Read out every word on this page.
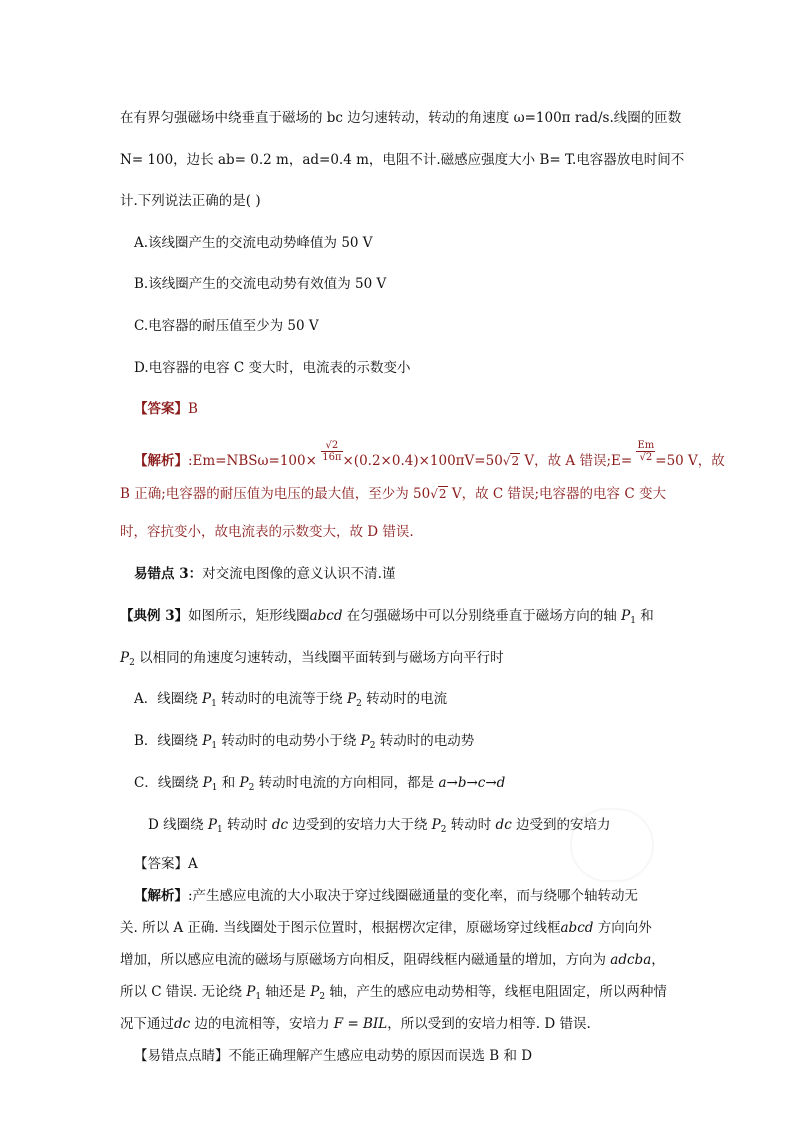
在有界匀强磁场中绕垂直于磁场的 bc 边匀速转动，转动的角速度 ω=100π rad/s.线圈的匝数
N= 100，边长 ab= 0.2 m，ad=0.4 m，电阻不计.磁感应强度大小 B= T.电容器放电时间不
计.下列说法正确的是( )
A.该线圈产生的交流电动势峰值为 50 V
B.该线圈产生的交流电动势有效值为 50 V
C.电容器的耐压值至少为 50 V
D.电容器的电容 C 变大时，电流表的示数变小
【答案】B
【解析】:Em=NBSω=100× $\frac{√2}{16\pi} \times(0.2\times 0.4)\times 100\pi V=50√2$ V，故 A 错误;E= $\frac{Em}{√2} =50$ V，故
B 正确;电容器的耐压值为电压的最大值，至少为 50√2 V，故 C 错误;电容器的电容 C 变大
时，容抗变小，故电流表的示数变大，故 D 错误.
易错点 3：对交流电图像的意义认识不清.谨
【典例 3】如图所示，矩形线圈abcd 在匀强磁场中可以分别绕垂直于磁场方向的轴 $P_1$ 和
$P_2$ 以相同的角速度匀速转动，当线圈平面转到与磁场方向平行时
A．线圈绕 $P_1$ 转动时的电流等于绕 $P_2$ 转动时的电流
B．线圈绕 $P_1$ 转动时的电动势小于绕 $P_2$ 转动时的电动势
C．线圈绕 $P_1$ 和 $P_2$ 转动时电流的方向相同，都是 a→b→c→d
D 线圈绕 $P_1$ 转动时 dc 边受到的安培力大于绕 $P_2$ 转动时 dc 边受到的安培力
【答案】A
【解析】:产生感应电流的大小取决于穿过线圈磁通量的变化率，而与绕哪个轴转动无
关. 所以 A 正确. 当线圈处于图示位置时，根据楞次定律，原磁场穿过线框abcd 方向向外
增加，所以感应电流的磁场与原磁场方向相反，阻碍线框内磁通量的增加，方向为 adcba，
所以 C 错误. 无论绕 $P_1$ 轴还是 $P_2$ 轴，产生的感应电动势相等，线框电阻固定，所以两种情
况下通过dc 边的电流相等，安培力 F = BIL，所以受到的安培力相等. D 错误.
【易错点点睛】不能正确理解产生感应电动势的原因而误选 B 和 D
